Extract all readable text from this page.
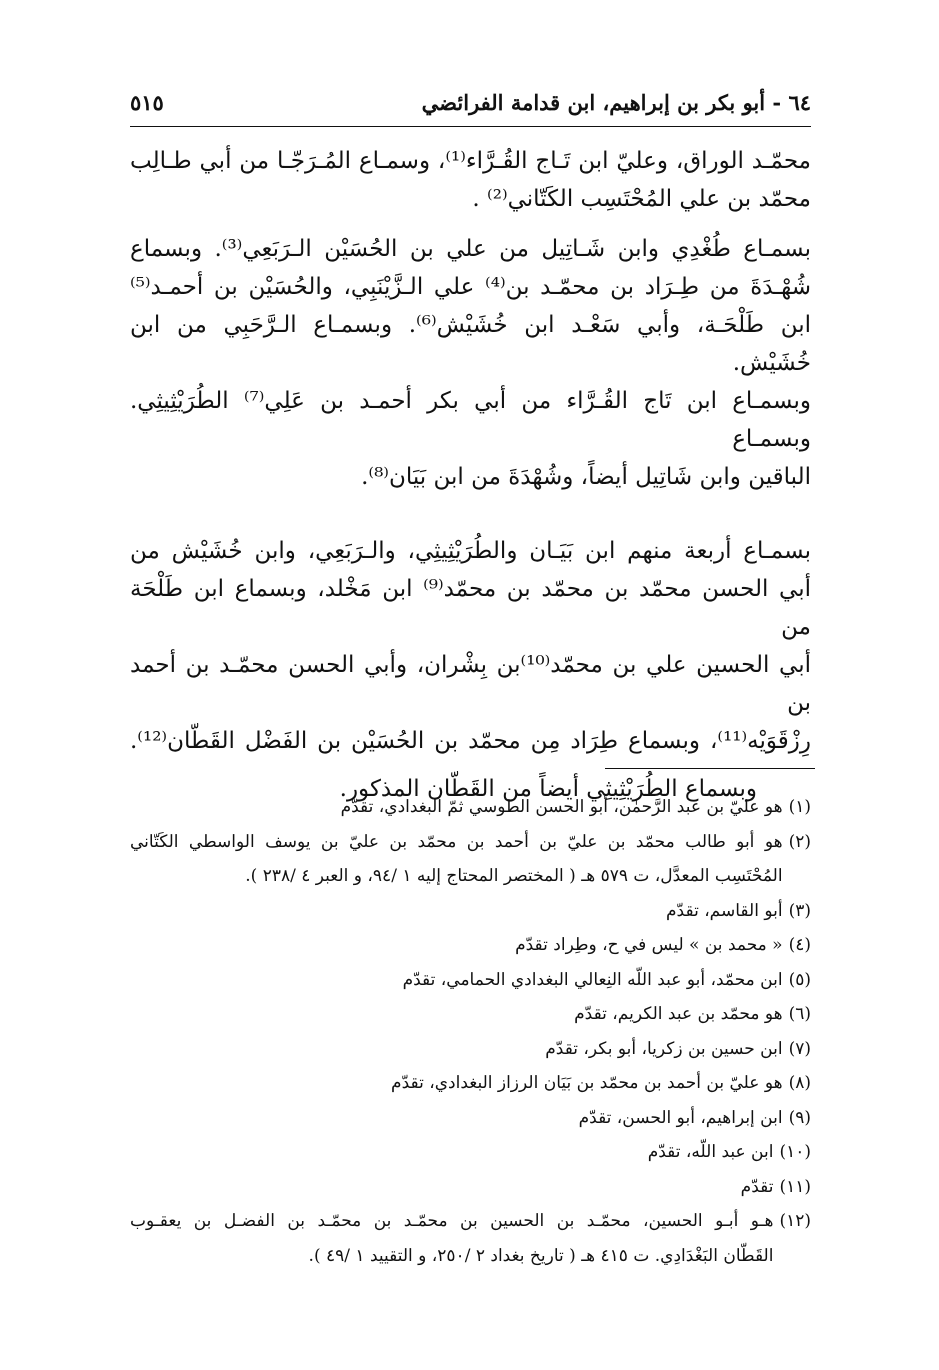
٦٤ - أبو بكر بن إبراهيم، ابن قدامة الفرائضي
٥١٥

محمّـد الوراق، وعليّ ابن تَـاج القُـرَّاء⁽¹⁾، وسمـاع المُـرَجّـا من أبي طـالِب
محمّد بن علي المُحْتَسِب الكَتّاني⁽²⁾ .

بسمـاع طُغْدِي وابن شَـاتِيل من علي بن الحُسَيْن الـرَبَعِي⁽³⁾. وبسماع
شُهْـدَةَ من طِـرَاد بن محمّـد بن⁽⁴⁾ علي الـزَّيْنَبِي، والحُسَيْن بن أحمـد⁽⁵⁾
ابن طَلْحَـة، وأبي سَعْـد ابن خُشَيْش⁽⁶⁾. وبسمـاع الـرَّحَبِي من ابن خُشَيْش.
وبسمـاع ابن تَاج القُـرَّاء من أبي بكر أحمـد بن عَلِي⁽⁷⁾ الطُرَيْثِيثِي. وبسمـاع
الباقين وابن شَاتِيل أيضاً، وشُهْدَةَ من ابن بَيَان⁽⁸⁾.

بسمـاع أربعة منهم ابن بَيَـان والطُرَيْثِيثِي، والـرَبَعِي، وابن خُشَيْش من
أبي الحسن محمّد بن محمّد بن محمّد⁽⁹⁾ ابن مَخْلد، وبسماع ابن طَلْحَة من
أبي الحسين علي بن محمّد⁽¹⁰⁾بن بِشْران، وأبي الحسن محمّـد بن أحمد بن
رِزْقَوَيْه⁽¹¹⁾، وبسماع طِرَاد مِن محمّد بن الحُسَيْن بن الفَضْل القَطّان⁽¹²⁾.

وبسماع الطُرَيْثِيثِي أيضاً من القَطّان المذكور.

(١)
هو عليّ بن عبد الرَّحمٰن، أبو الحسن الطوسي ثمّ البغدادي، تقدّم
(٢)
هو أبو طالب محمّد بن عليّ بن أحمد بن محمّد بن عليّ بن يوسف الواسطي الكَتّاني
المُحْتَسِب المعدَّل، ت ٥٧٩ هـ ( المختصر المحتاج إليه ١ /٩٤، و العبر ٤ /٢٣٨ ).
(٣)
أبو القاسم، تقدّم
(٤)
« محمد بن » ليس في ح، وطِراد تقدّم
(٥)
ابن محمّد، أبو عبد اللّه النِعالي البغدادي الحمامي، تقدّم
(٦)
هو محمّد بن عبد الكريم، تقدّم
(٧)
ابن حسين بن زكريا، أبو بكر، تقدّم
(٨)
هو عليّ بن أحمد بن محمّد بن بَيَان الرزاز البغدادي، تقدّم
(٩)
ابن إبراهيم، أبو الحسن، تقدّم
(١٠)
ابن عبد اللّه، تقدّم
(١١)
تقدّم
(١٢)
هـو أبـو الحسين، محمّـد بن الحسين بن محمّـد بن محمّـد بن الفضـل بن يعقـوب
القَطّان البَغْدَادِي. ت ٤١٥ هـ ( تاريخ بغداد ٢ /٢٥٠، و التقييد ١ /٤٩ ).
